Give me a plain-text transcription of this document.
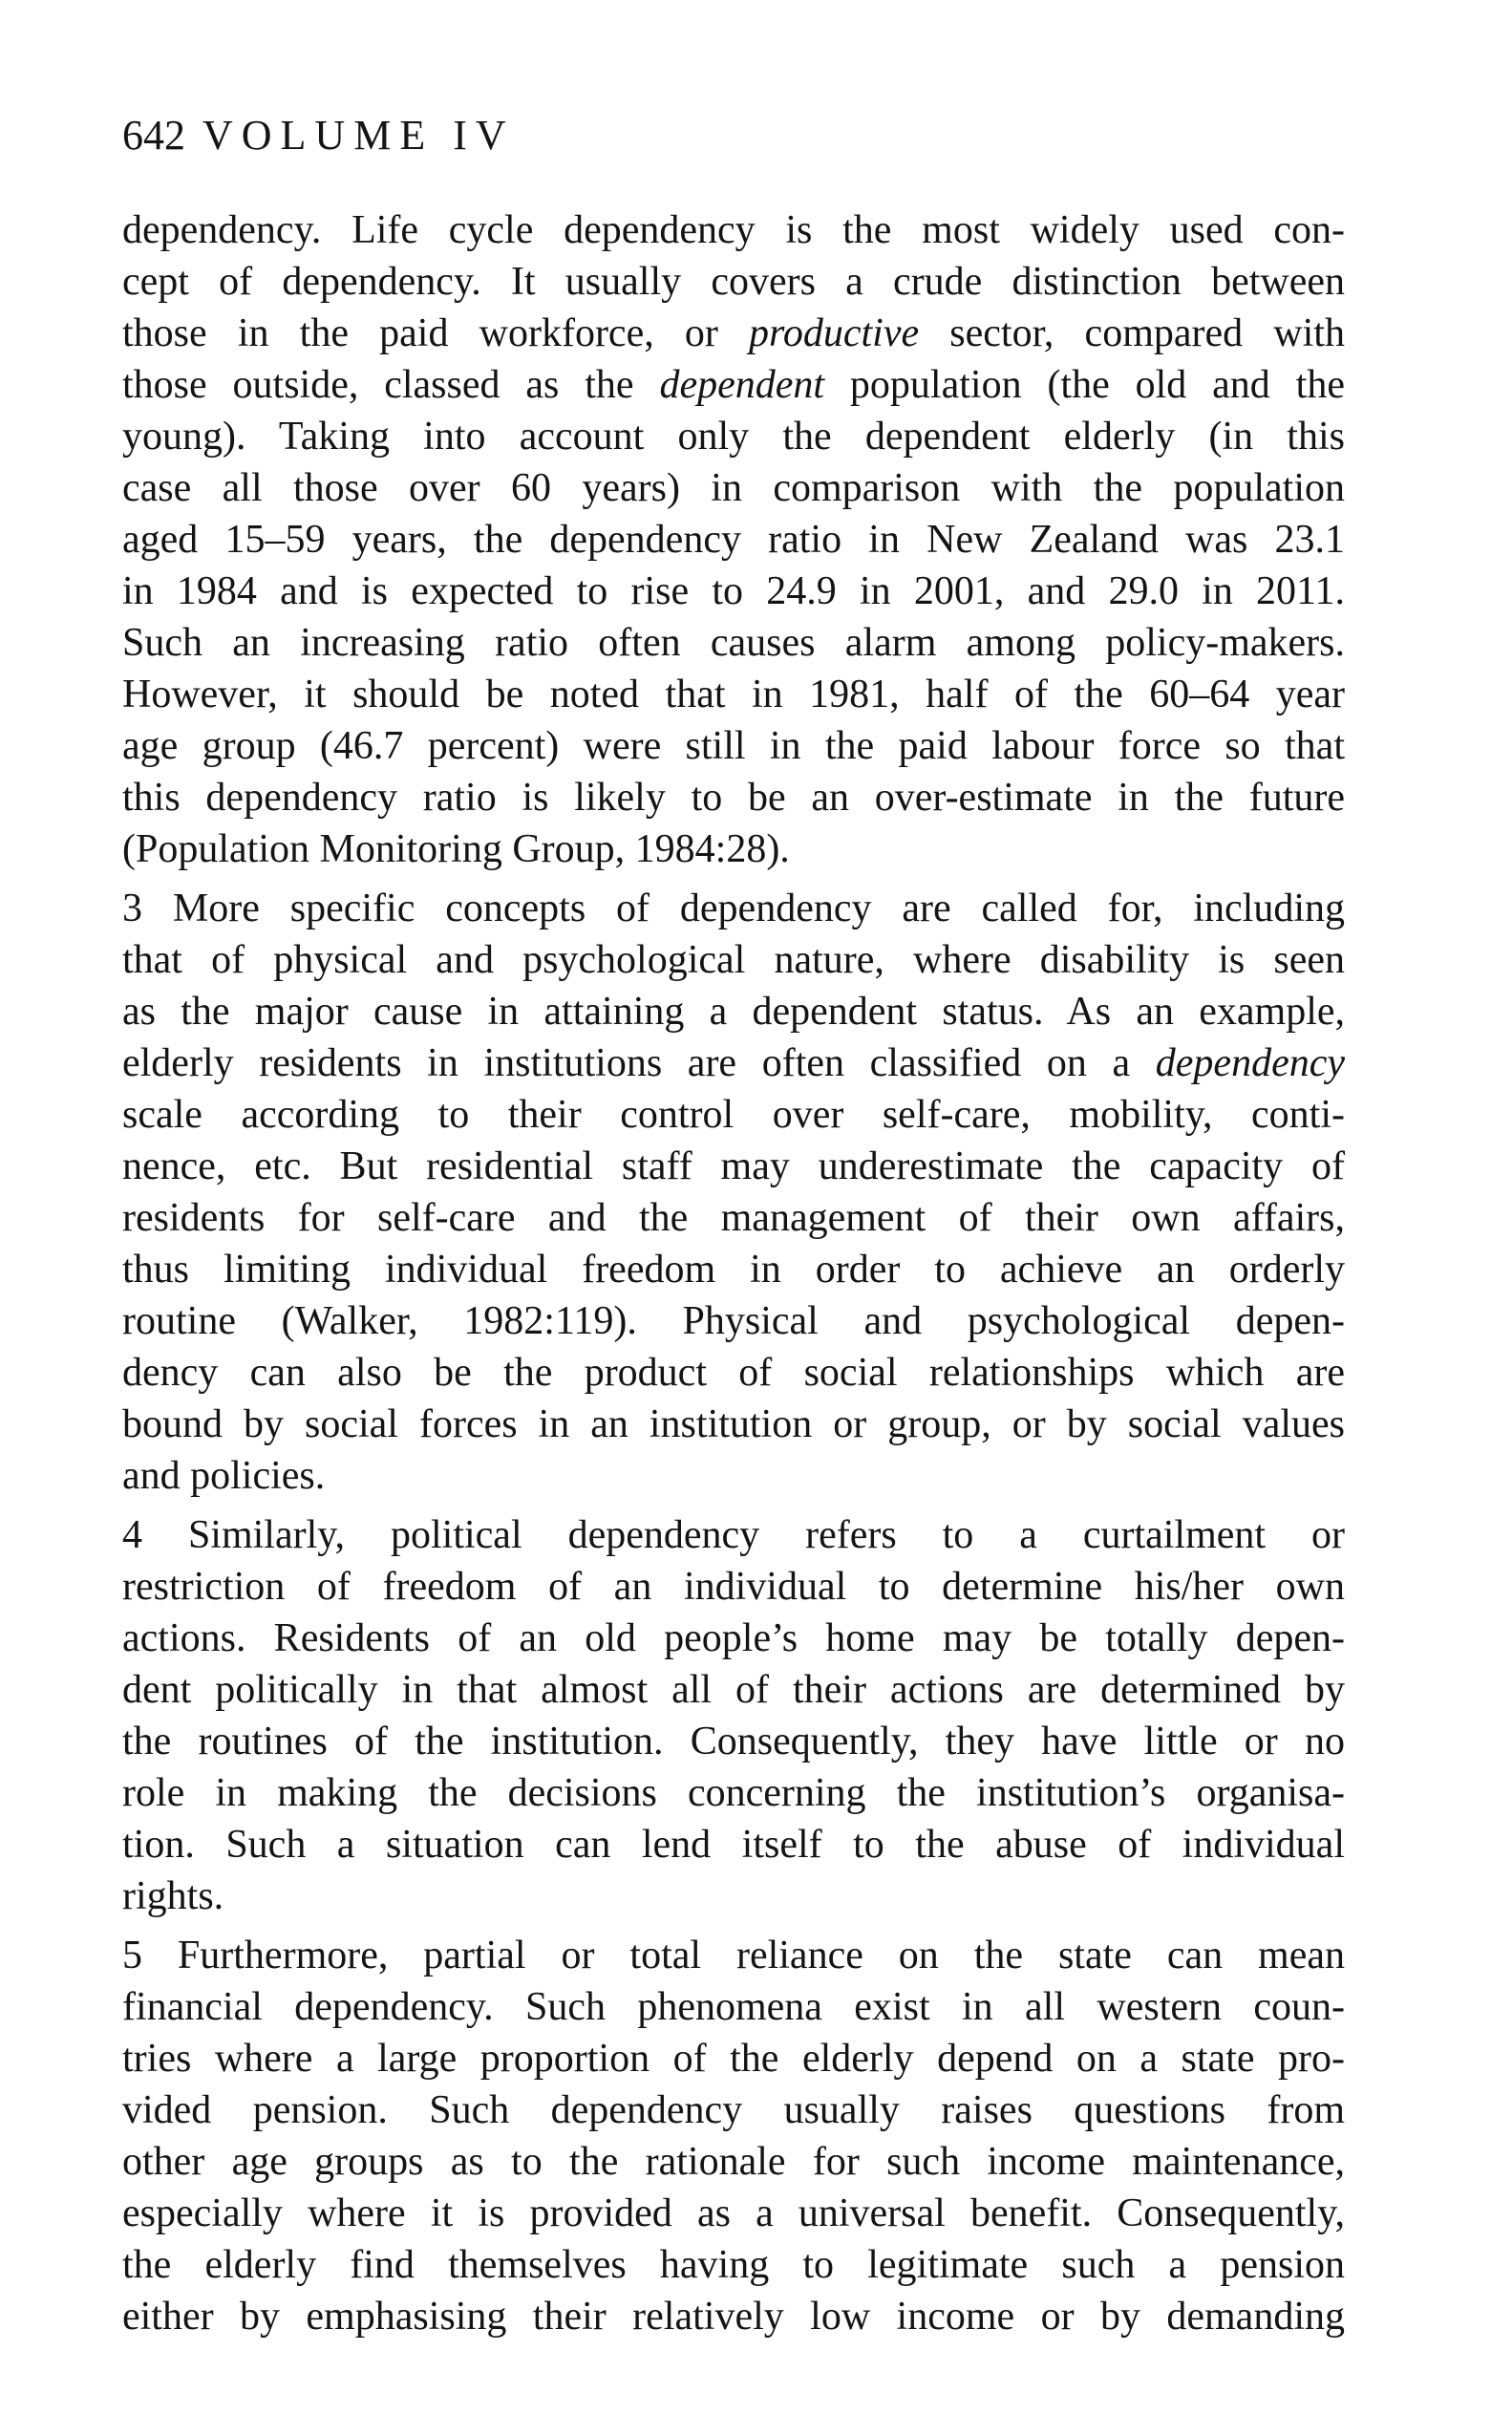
642 VOLUME IV
dependency. Life cycle dependency is the most widely used con-
cept of dependency. It usually covers a crude distinction between
those in the paid workforce, or productive sector, compared with
those outside, classed as the dependent population (the old and the
young). Taking into account only the dependent elderly (in this
case all those over 60 years) in comparison with the population
aged 15–59 years, the dependency ratio in New Zealand was 23.1
in 1984 and is expected to rise to 24.9 in 2001, and 29.0 in 2011.
Such an increasing ratio often causes alarm among policy-makers.
However, it should be noted that in 1981, half of the 60–64 year
age group (46.7 percent) were still in the paid labour force so that
this dependency ratio is likely to be an over-estimate in the future
(Population Monitoring Group, 1984:28).
3 More specific concepts of dependency are called for, including
that of physical and psychological nature, where disability is seen
as the major cause in attaining a dependent status. As an example,
elderly residents in institutions are often classified on a dependency
scale according to their control over self-care, mobility, conti-
nence, etc. But residential staff may underestimate the capacity of
residents for self-care and the management of their own affairs,
thus limiting individual freedom in order to achieve an orderly
routine (Walker, 1982:119). Physical and psychological depen-
dency can also be the product of social relationships which are
bound by social forces in an institution or group, or by social values
and policies.
4 Similarly, political dependency refers to a curtailment or
restriction of freedom of an individual to determine his/her own
actions. Residents of an old people’s home may be totally depen-
dent politically in that almost all of their actions are determined by
the routines of the institution. Consequently, they have little or no
role in making the decisions concerning the institution’s organisa-
tion. Such a situation can lend itself to the abuse of individual
rights.
5 Furthermore, partial or total reliance on the state can mean
financial dependency. Such phenomena exist in all western coun-
tries where a large proportion of the elderly depend on a state pro-
vided pension. Such dependency usually raises questions from
other age groups as to the rationale for such income maintenance,
especially where it is provided as a universal benefit. Consequently,
the elderly find themselves having to legitimate such a pension
either by emphasising their relatively low income or by demanding
